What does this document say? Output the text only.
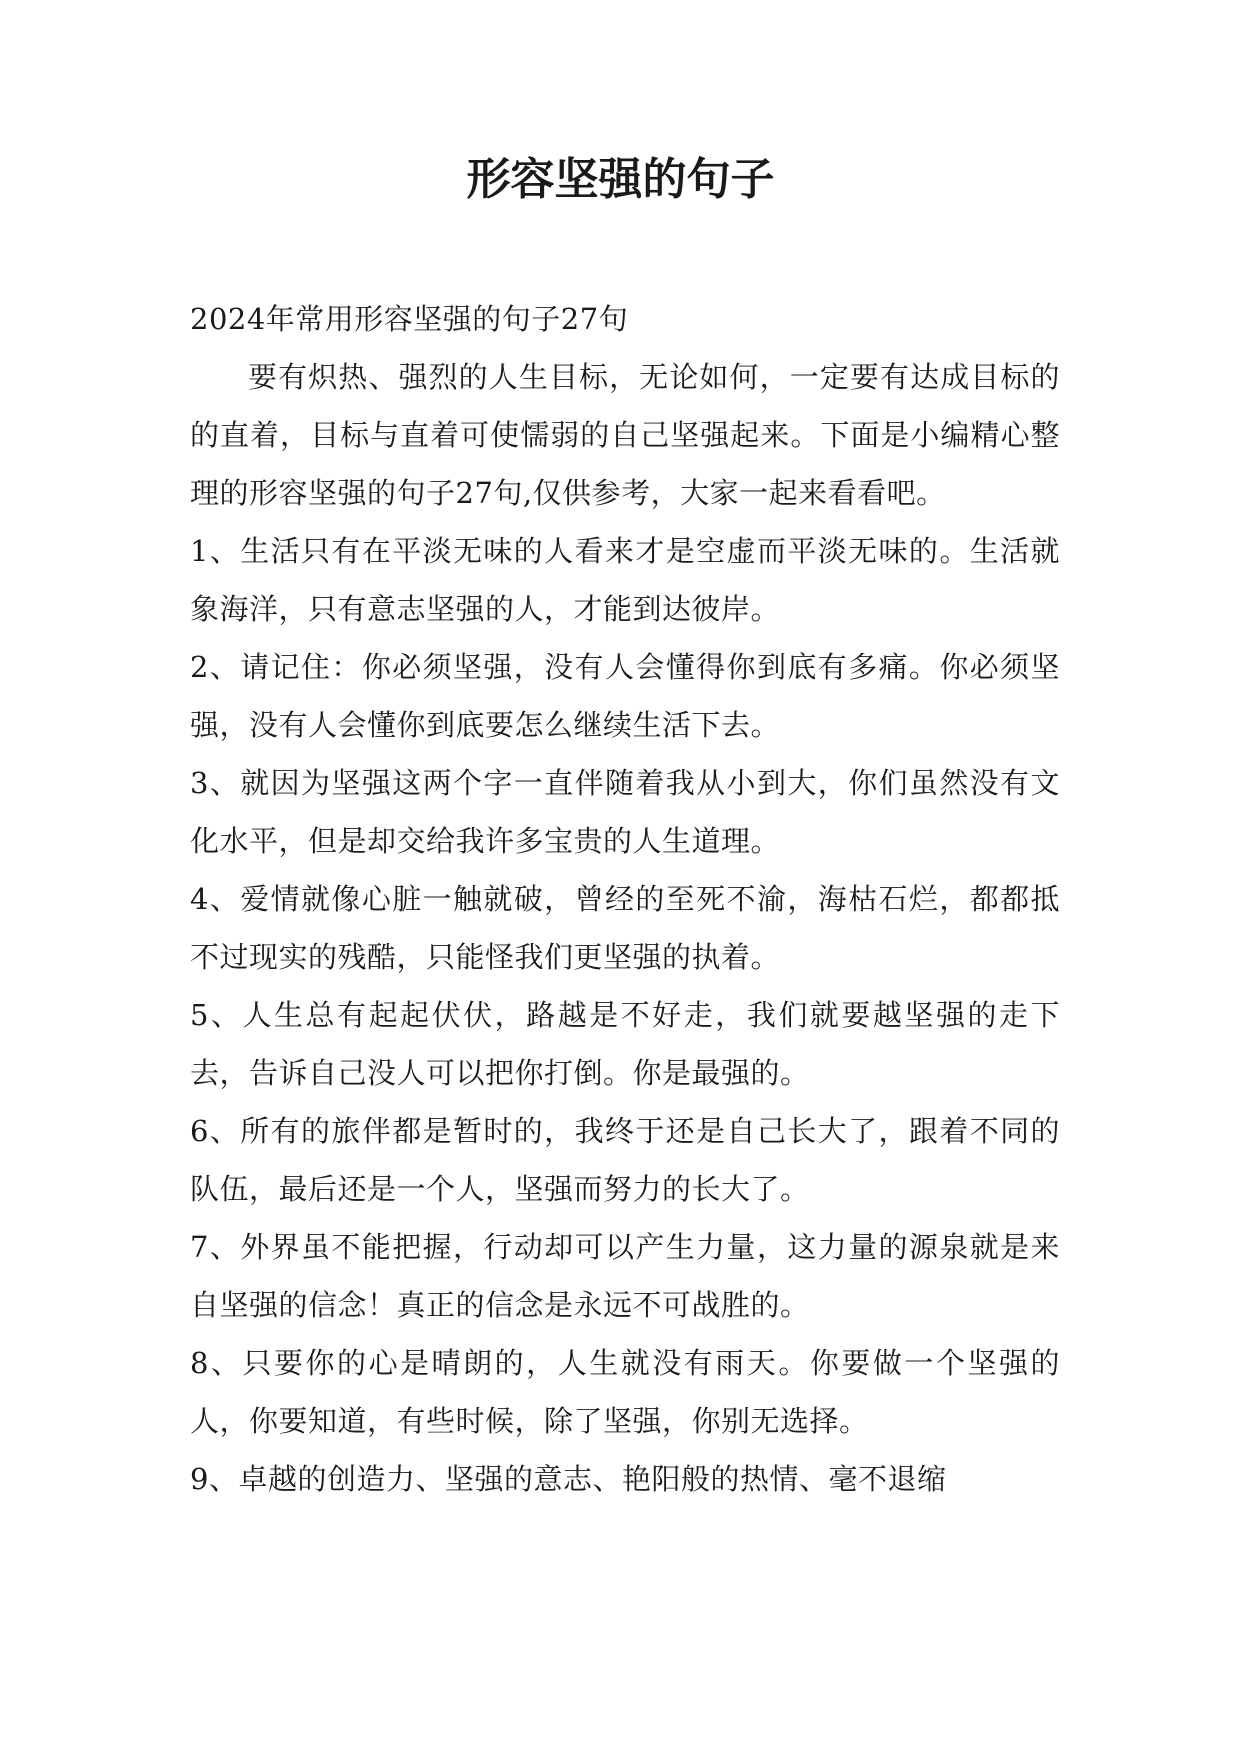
形容坚强的句子

2024年常用形容坚强的句子27句

要有炽热、强烈的人生目标，无论如何，一定要有达成目标的的直着，目标与直着可使懦弱的自己坚强起来。下面是小编精心整理的形容坚强的句子27句,仅供参考，大家一起来看看吧。

1、生活只有在平淡无味的人看来才是空虚而平淡无味的。生活就象海洋，只有意志坚强的人，才能到达彼岸。

2、请记住：你必须坚强，没有人会懂得你到底有多痛。你必须坚强，没有人会懂你到底要怎么继续生活下去。

3、就因为坚强这两个字一直伴随着我从小到大，你们虽然没有文化水平，但是却交给我许多宝贵的人生道理。

4、爱情就像心脏一触就破，曾经的至死不渝，海枯石烂，都都抵不过现实的残酷，只能怪我们更坚强的执着。

5、人生总有起起伏伏，路越是不好走，我们就要越坚强的走下去，告诉自己没人可以把你打倒。你是最强的。

6、所有的旅伴都是暂时的，我终于还是自己长大了，跟着不同的队伍，最后还是一个人，坚强而努力的长大了。

7、外界虽不能把握，行动却可以产生力量，这力量的源泉就是来自坚强的信念！真正的信念是永远不可战胜的。

8、只要你的心是晴朗的，人生就没有雨天。你要做一个坚强的人，你要知道，有些时候，除了坚强，你别无选择。

9、卓越的创造力、坚强的意志、艳阳般的热情、毫不退缩
